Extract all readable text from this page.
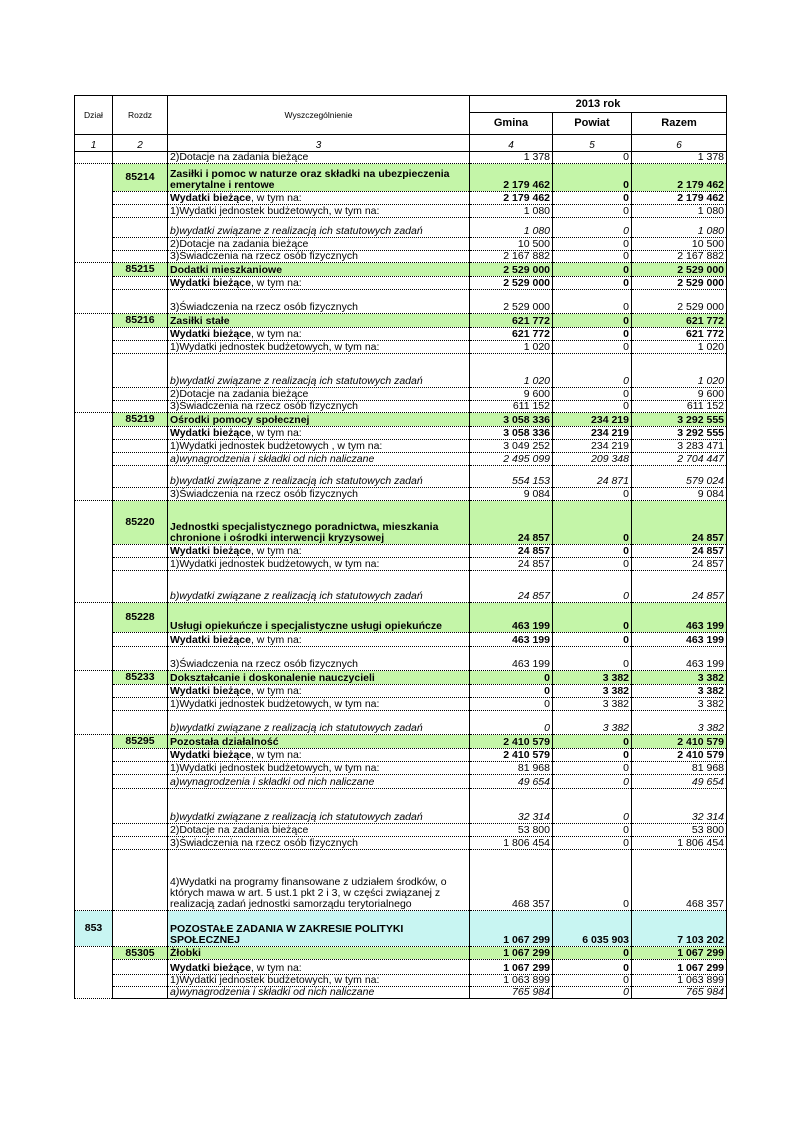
Dział	Rozdz	Wyszczególnienie	2013 rok		
			Gmina	Powiat	Razem
1	2	3	4	5	6
		2)Dotacje na zadania bieżące	1 378	0	1 378
	85214	Zasiłki i pomoc w naturze oraz składki na ubezpieczenia emerytalne i rentowe	2 179 462	0	2 179 462
		Wydatki bieżące, w tym na:	2 179 462	0	2 179 462
		1)Wydatki jednostek budżetowych, w tym na:	1 080	0	1 080
		b)wydatki związane z realizacją ich statutowych zadań	1 080	0	1 080
		2)Dotacje na zadania bieżące	10 500	0	10 500
		3)Świadczenia na rzecz osób fizycznych	2 167 882	0	2 167 882
	85215	Dodatki mieszkaniowe	2 529 000	0	2 529 000
		Wydatki bieżące, w tym na:	2 529 000	0	2 529 000
		3)Świadczenia na rzecz osób fizycznych	2 529 000	0	2 529 000
	85216	Zasiłki stałe	621 772	0	621 772
		Wydatki bieżące, w tym na:	621 772	0	621 772
		1)Wydatki jednostek budżetowych, w tym na:	1 020	0	1 020
		b)wydatki związane z realizacją ich statutowych zadań	1 020	0	1 020
		2)Dotacje na zadania bieżące	9 600	0	9 600
		3)Świadczenia na rzecz osób fizycznych	611 152	0	611 152
	85219	Ośrodki pomocy społecznej	3 058 336	234 219	3 292 555
		Wydatki bieżące, w tym na:	3 058 336	234 219	3 292 555
		1)Wydatki jednostek budżetowych , w tym na:	3 049 252	234 219	3 283 471
		a)wynagrodzenia i składki od nich naliczane	2 495 099	209 348	2 704 447
		b)wydatki związane z realizacją ich statutowych zadań	554 153	24 871	579 024
		3)Świadczenia na rzecz osób fizycznych	9 084	0	9 084
	85220	Jednostki specjalistycznego poradnictwa, mieszkania chronione i ośrodki interwencji kryzysowej	24 857	0	24 857
		Wydatki bieżące, w tym na:	24 857	0	24 857
		1)Wydatki jednostek budżetowych, w tym na:	24 857	0	24 857
		b)wydatki związane z realizacją ich statutowych zadań	24 857	0	24 857
	85228	Usługi opiekuńcze i specjalistyczne usługi opiekuńcze	463 199	0	463 199
		Wydatki bieżące, w tym na:	463 199	0	463 199
		3)Świadczenia na rzecz osób fizycznych	463 199	0	463 199
	85233	Dokształcanie i doskonalenie nauczycieli	0	3 382	3 382
		Wydatki bieżące, w tym na:	0	3 382	3 382
		1)Wydatki jednostek budżetowych, w tym na:	0	3 382	3 382
		b)wydatki związane z realizacją ich statutowych zadań	0	3 382	3 382
	85295	Pozostała działalność	2 410 579	0	2 410 579
		Wydatki bieżące, w tym na:	2 410 579	0	2 410 579
		1)Wydatki jednostek budżetowych, w tym na:	81 968	0	81 968
		a)wynagrodzenia i składki od nich naliczane	49 654	0	49 654
		b)wydatki związane z realizacją ich statutowych zadań	32 314	0	32 314
		2)Dotacje na zadania bieżące	53 800	0	53 800
		3)Świadczenia na rzecz osób fizycznych	1 806 454	0	1 806 454
		4)Wydatki na programy finansowane z udziałem środków, o których mawa w art. 5 ust.1 pkt 2 i 3, w części związanej z realizacją zadań jednostki samorządu terytorialnego	468 357	0	468 357
853		POZOSTAŁE ZADANIA W ZAKRESIE POLITYKI SPOŁECZNEJ	1 067 299	6 035 903	7 103 202
	85305	Żłobki	1 067 299	0	1 067 299
		Wydatki bieżące, w tym na:	1 067 299	0	1 067 299
		1)Wydatki jednostek budżetowych, w tym na:	1 063 899	0	1 063 899
		a)wynagrodzenia i składki od nich naliczane	765 984	0	765 984
